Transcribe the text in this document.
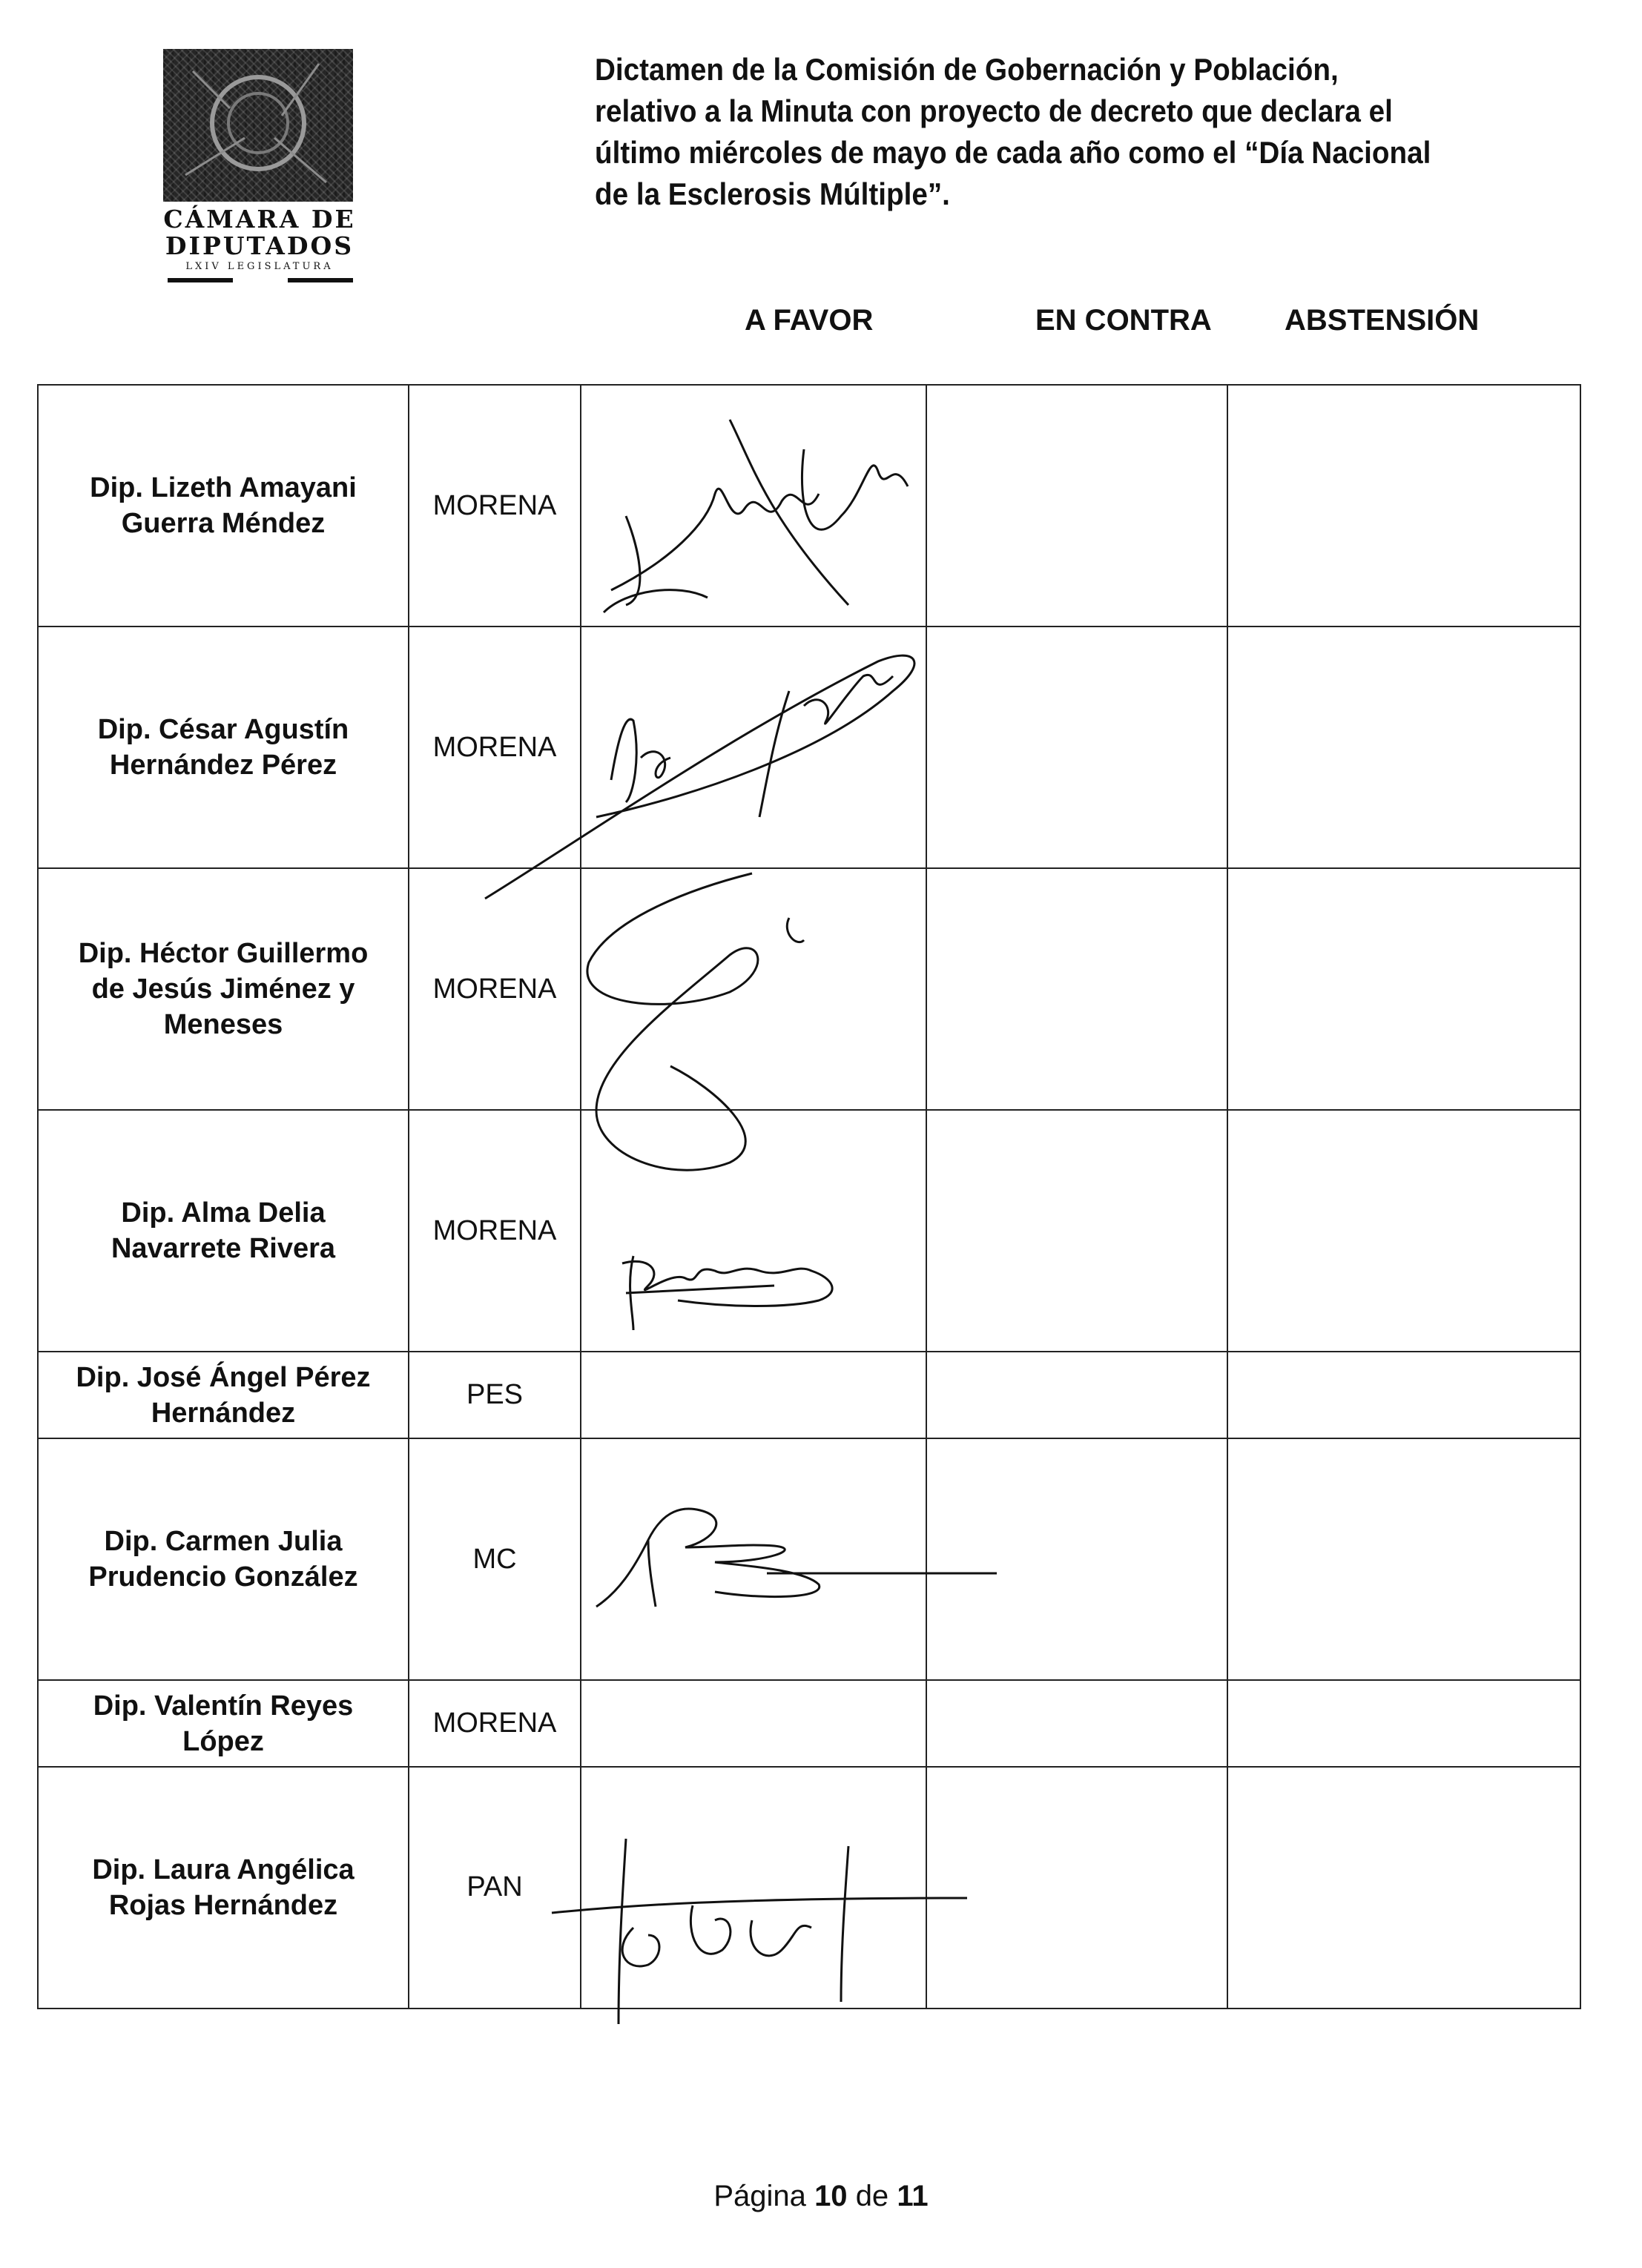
CÁMARA DE
DIPUTADOS
LXIV LEGISLATURA

Dictamen de la Comisión de Gobernación y Población,

relativo a la Minuta con proyecto de decreto que declara el

último miércoles de mayo de cada año como el “Día Nacional

de la Esclerosis Múltiple”.

A FAVOR	EN CONTRA ABSTENSIÓN
Dip. Lizeth Amayani Guerra Méndez	MORENA	

Dip. César Agustín Hernández Pérez	MORENA	

Dip. Héctor Guillermo de Jesús Jiménez y Meneses	MORENA	

Dip. Alma Delia Navarrete Rivera	MORENA	

Dip. José Ángel Pérez Hernández	PES			
Dip. Carmen Julia Prudencio González	MC	

Dip. Valentín Reyes López	MORENA			
Dip. Laura Angélica Rojas Hernández	PAN	

Página 10 de 11
